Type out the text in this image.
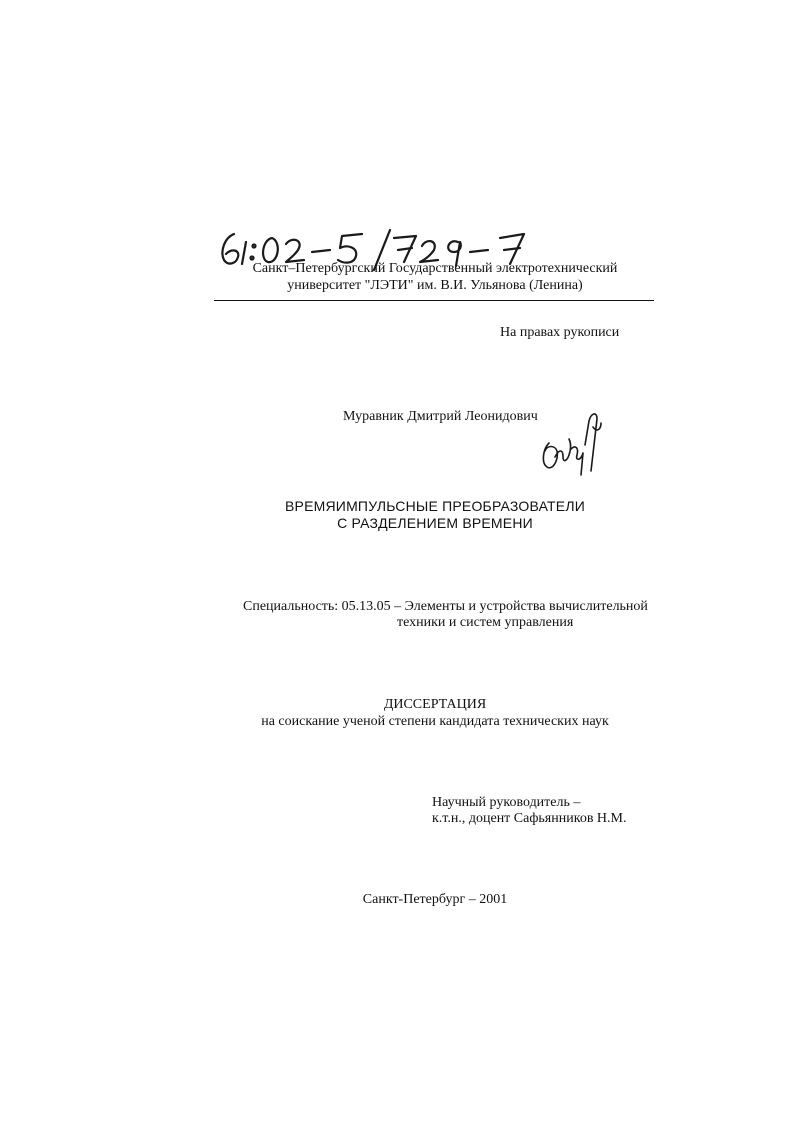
Санкт–Петербургский Государственный электротехнический
университет "ЛЭТИ" им. В.И. Ульянова (Ленина)
На правах рукописи
Муравник Дмитрий Леонидович
ВРЕМЯИМПУЛЬСНЫЕ ПРЕОБРАЗОВАТЕЛИ
С РАЗДЕЛЕНИЕМ ВРЕМЕНИ
Специальность: 05.13.05 – Элементы и устройства вычислительной
техники и систем управления
ДИССЕРТАЦИЯ
на соискание ученой степени кандидата технических наук
Научный руководитель –
к.т.н., доцент Сафьянников Н.М.
Санкт-Петербург – 2001
